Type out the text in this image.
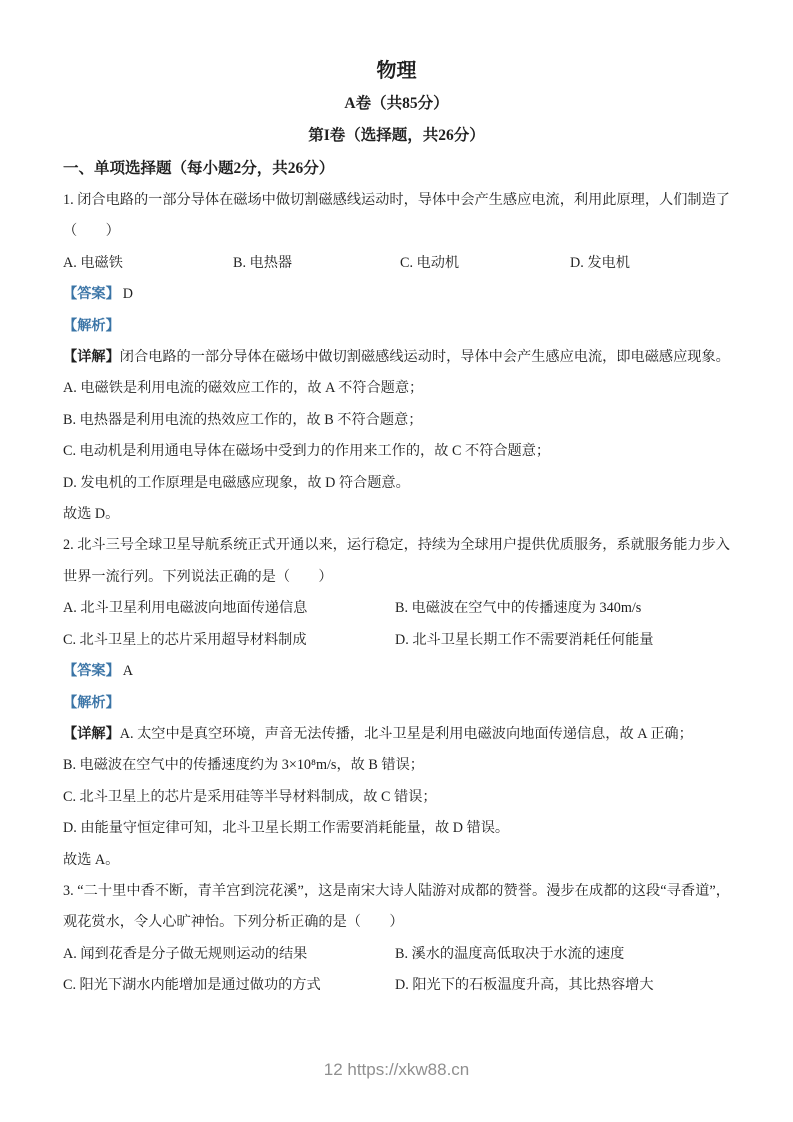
物理
A卷（共85分）
第I卷（选择题，共26分）
一、单项选择题（每小题2分，共26分）

1. 闭合电路的一部分导体在磁场中做切割磁感线运动时，导体中会产生感应电流，利用此原理，人们制造了（　　）

A. 电磁铁	B. 电热器	C. 电动机	D. 发电机

【答案】 D

【解析】

【详解】闭合电路的一部分导体在磁场中做切割磁感线运动时，导体中会产生感应电流，即电磁感应现象。

A. 电磁铁是利用电流的磁效应工作的，故 A 不符合题意；

B. 电热器是利用电流的热效应工作的，故 B 不符合题意；

C. 电动机是利用通电导体在磁场中受到力的作用来工作的，故 C 不符合题意；

D. 发电机的工作原理是电磁感应现象，故 D 符合题意。

故选 D。

2. 北斗三号全球卫星导航系统正式开通以来，运行稳定，持续为全球用户提供优质服务，系就服务能力步入世界一流行列。下列说法正确的是（　　）

A. 北斗卫星利用电磁波向地面传递信息	B. 电磁波在空气中的传播速度为 340m/s
C. 北斗卫星上的芯片采用超导材料制成	D. 北斗卫星长期工作不需要消耗任何能量

【答案】 A

【解析】

【详解】A. 太空中是真空环境，声音无法传播，北斗卫星是利用电磁波向地面传递信息，故 A 正确；

B. 电磁波在空气中的传播速度约为 3×10⁸m/s，故 B 错误；

C. 北斗卫星上的芯片是采用硅等半导材料制成，故 C 错误；

D. 由能量守恒定律可知，北斗卫星长期工作需要消耗能量，故 D 错误。

故选 A。

3. “二十里中香不断，青羊宫到浣花溪”，这是南宋大诗人陆游对成都的赞誉。漫步在成都的这段“寻香道”，观花赏水，令人心旷神怡。下列分析正确的是（　　）

A. 闻到花香是分子做无规则运动的结果	B. 溪水的温度高低取决于水流的速度
C. 阳光下湖水内能增加是通过做功的方式	D. 阳光下的石板温度升高，其比热容增大
12 https://xkw88.cn
